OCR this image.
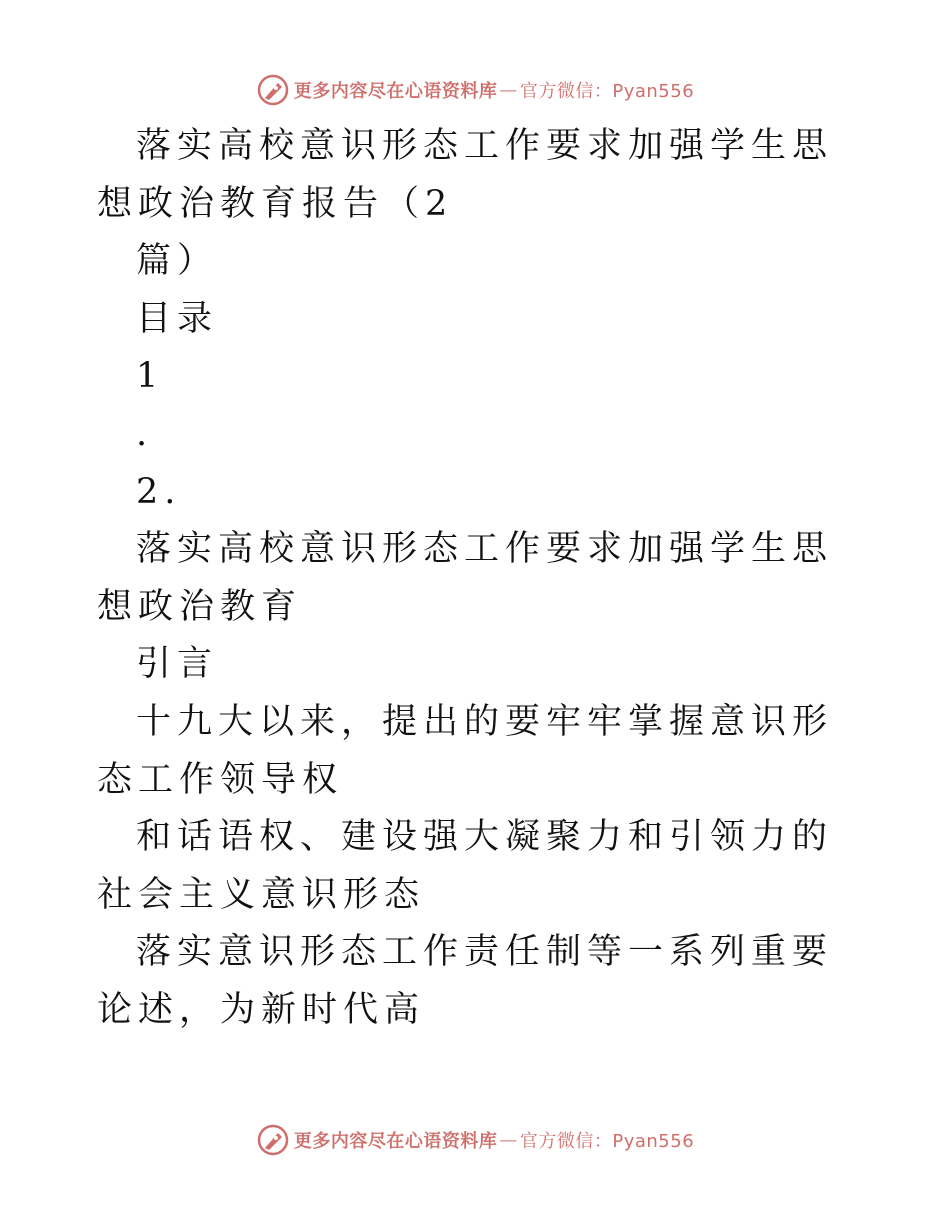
更多内容尽在心语资料库 — 官方微信：Pyan556
落实高校意识形态工作要求加强学生思想政治教育报告（2
篇）
目录
1
.
2.
落实高校意识形态工作要求加强学生思想政治教育
引言
十九大以来，提出的要牢牢掌握意识形态工作领导权
和话语权、建设强大凝聚力和引领力的社会主义意识形态
落实意识形态工作责任制等一系列重要论述，为新时代高
更多内容尽在心语资料库 — 官方微信：Pyan556
